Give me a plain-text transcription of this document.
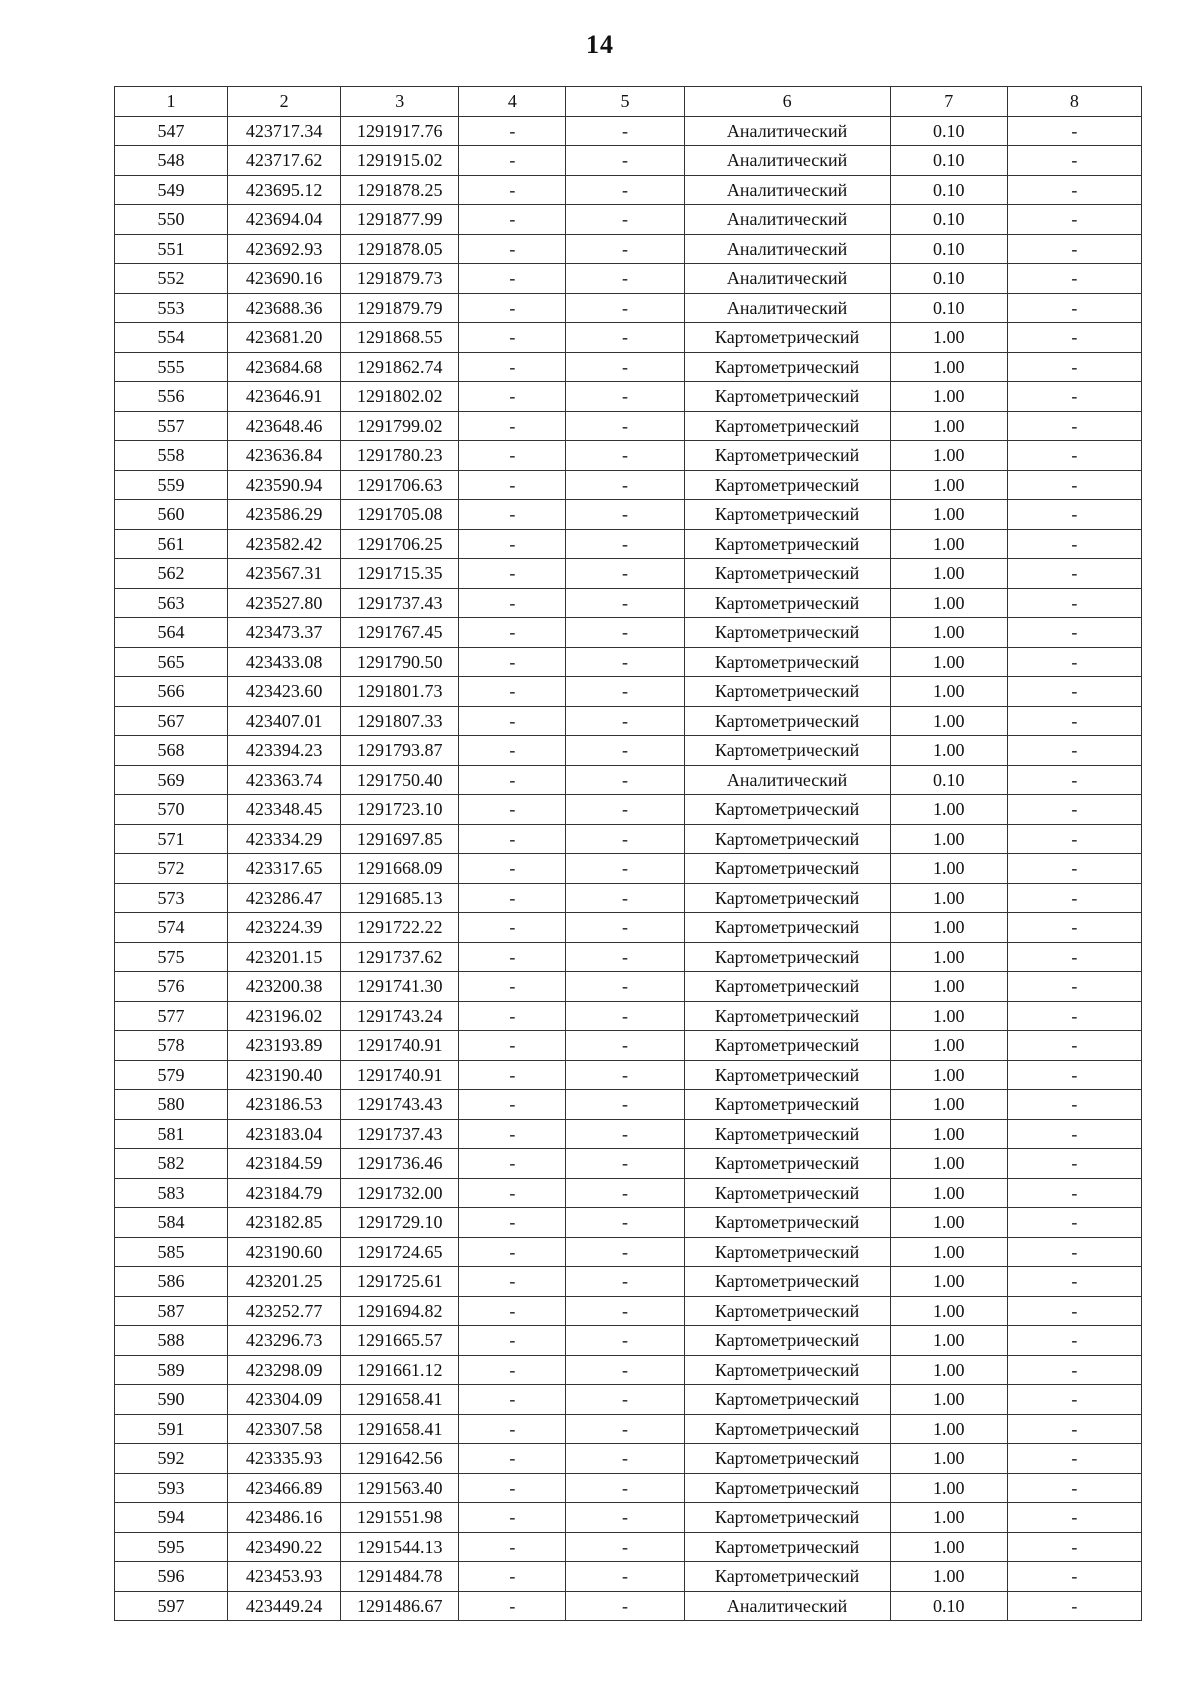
14
1	2	3	4	5	6	7	8
547	423717.34	1291917.76	-	-	Аналитический	0.10	-
548	423717.62	1291915.02	-	-	Аналитический	0.10	-
549	423695.12	1291878.25	-	-	Аналитический	0.10	-
550	423694.04	1291877.99	-	-	Аналитический	0.10	-
551	423692.93	1291878.05	-	-	Аналитический	0.10	-
552	423690.16	1291879.73	-	-	Аналитический	0.10	-
553	423688.36	1291879.79	-	-	Аналитический	0.10	-
554	423681.20	1291868.55	-	-	Картометрический	1.00	-
555	423684.68	1291862.74	-	-	Картометрический	1.00	-
556	423646.91	1291802.02	-	-	Картометрический	1.00	-
557	423648.46	1291799.02	-	-	Картометрический	1.00	-
558	423636.84	1291780.23	-	-	Картометрический	1.00	-
559	423590.94	1291706.63	-	-	Картометрический	1.00	-
560	423586.29	1291705.08	-	-	Картометрический	1.00	-
561	423582.42	1291706.25	-	-	Картометрический	1.00	-
562	423567.31	1291715.35	-	-	Картометрический	1.00	-
563	423527.80	1291737.43	-	-	Картометрический	1.00	-
564	423473.37	1291767.45	-	-	Картометрический	1.00	-
565	423433.08	1291790.50	-	-	Картометрический	1.00	-
566	423423.60	1291801.73	-	-	Картометрический	1.00	-
567	423407.01	1291807.33	-	-	Картометрический	1.00	-
568	423394.23	1291793.87	-	-	Картометрический	1.00	-
569	423363.74	1291750.40	-	-	Аналитический	0.10	-
570	423348.45	1291723.10	-	-	Картометрический	1.00	-
571	423334.29	1291697.85	-	-	Картометрический	1.00	-
572	423317.65	1291668.09	-	-	Картометрический	1.00	-
573	423286.47	1291685.13	-	-	Картометрический	1.00	-
574	423224.39	1291722.22	-	-	Картометрический	1.00	-
575	423201.15	1291737.62	-	-	Картометрический	1.00	-
576	423200.38	1291741.30	-	-	Картометрический	1.00	-
577	423196.02	1291743.24	-	-	Картометрический	1.00	-
578	423193.89	1291740.91	-	-	Картометрический	1.00	-
579	423190.40	1291740.91	-	-	Картометрический	1.00	-
580	423186.53	1291743.43	-	-	Картометрический	1.00	-
581	423183.04	1291737.43	-	-	Картометрический	1.00	-
582	423184.59	1291736.46	-	-	Картометрический	1.00	-
583	423184.79	1291732.00	-	-	Картометрический	1.00	-
584	423182.85	1291729.10	-	-	Картометрический	1.00	-
585	423190.60	1291724.65	-	-	Картометрический	1.00	-
586	423201.25	1291725.61	-	-	Картометрический	1.00	-
587	423252.77	1291694.82	-	-	Картометрический	1.00	-
588	423296.73	1291665.57	-	-	Картометрический	1.00	-
589	423298.09	1291661.12	-	-	Картометрический	1.00	-
590	423304.09	1291658.41	-	-	Картометрический	1.00	-
591	423307.58	1291658.41	-	-	Картометрический	1.00	-
592	423335.93	1291642.56	-	-	Картометрический	1.00	-
593	423466.89	1291563.40	-	-	Картометрический	1.00	-
594	423486.16	1291551.98	-	-	Картометрический	1.00	-
595	423490.22	1291544.13	-	-	Картометрический	1.00	-
596	423453.93	1291484.78	-	-	Картометрический	1.00	-
597	423449.24	1291486.67	-	-	Аналитический	0.10	-
